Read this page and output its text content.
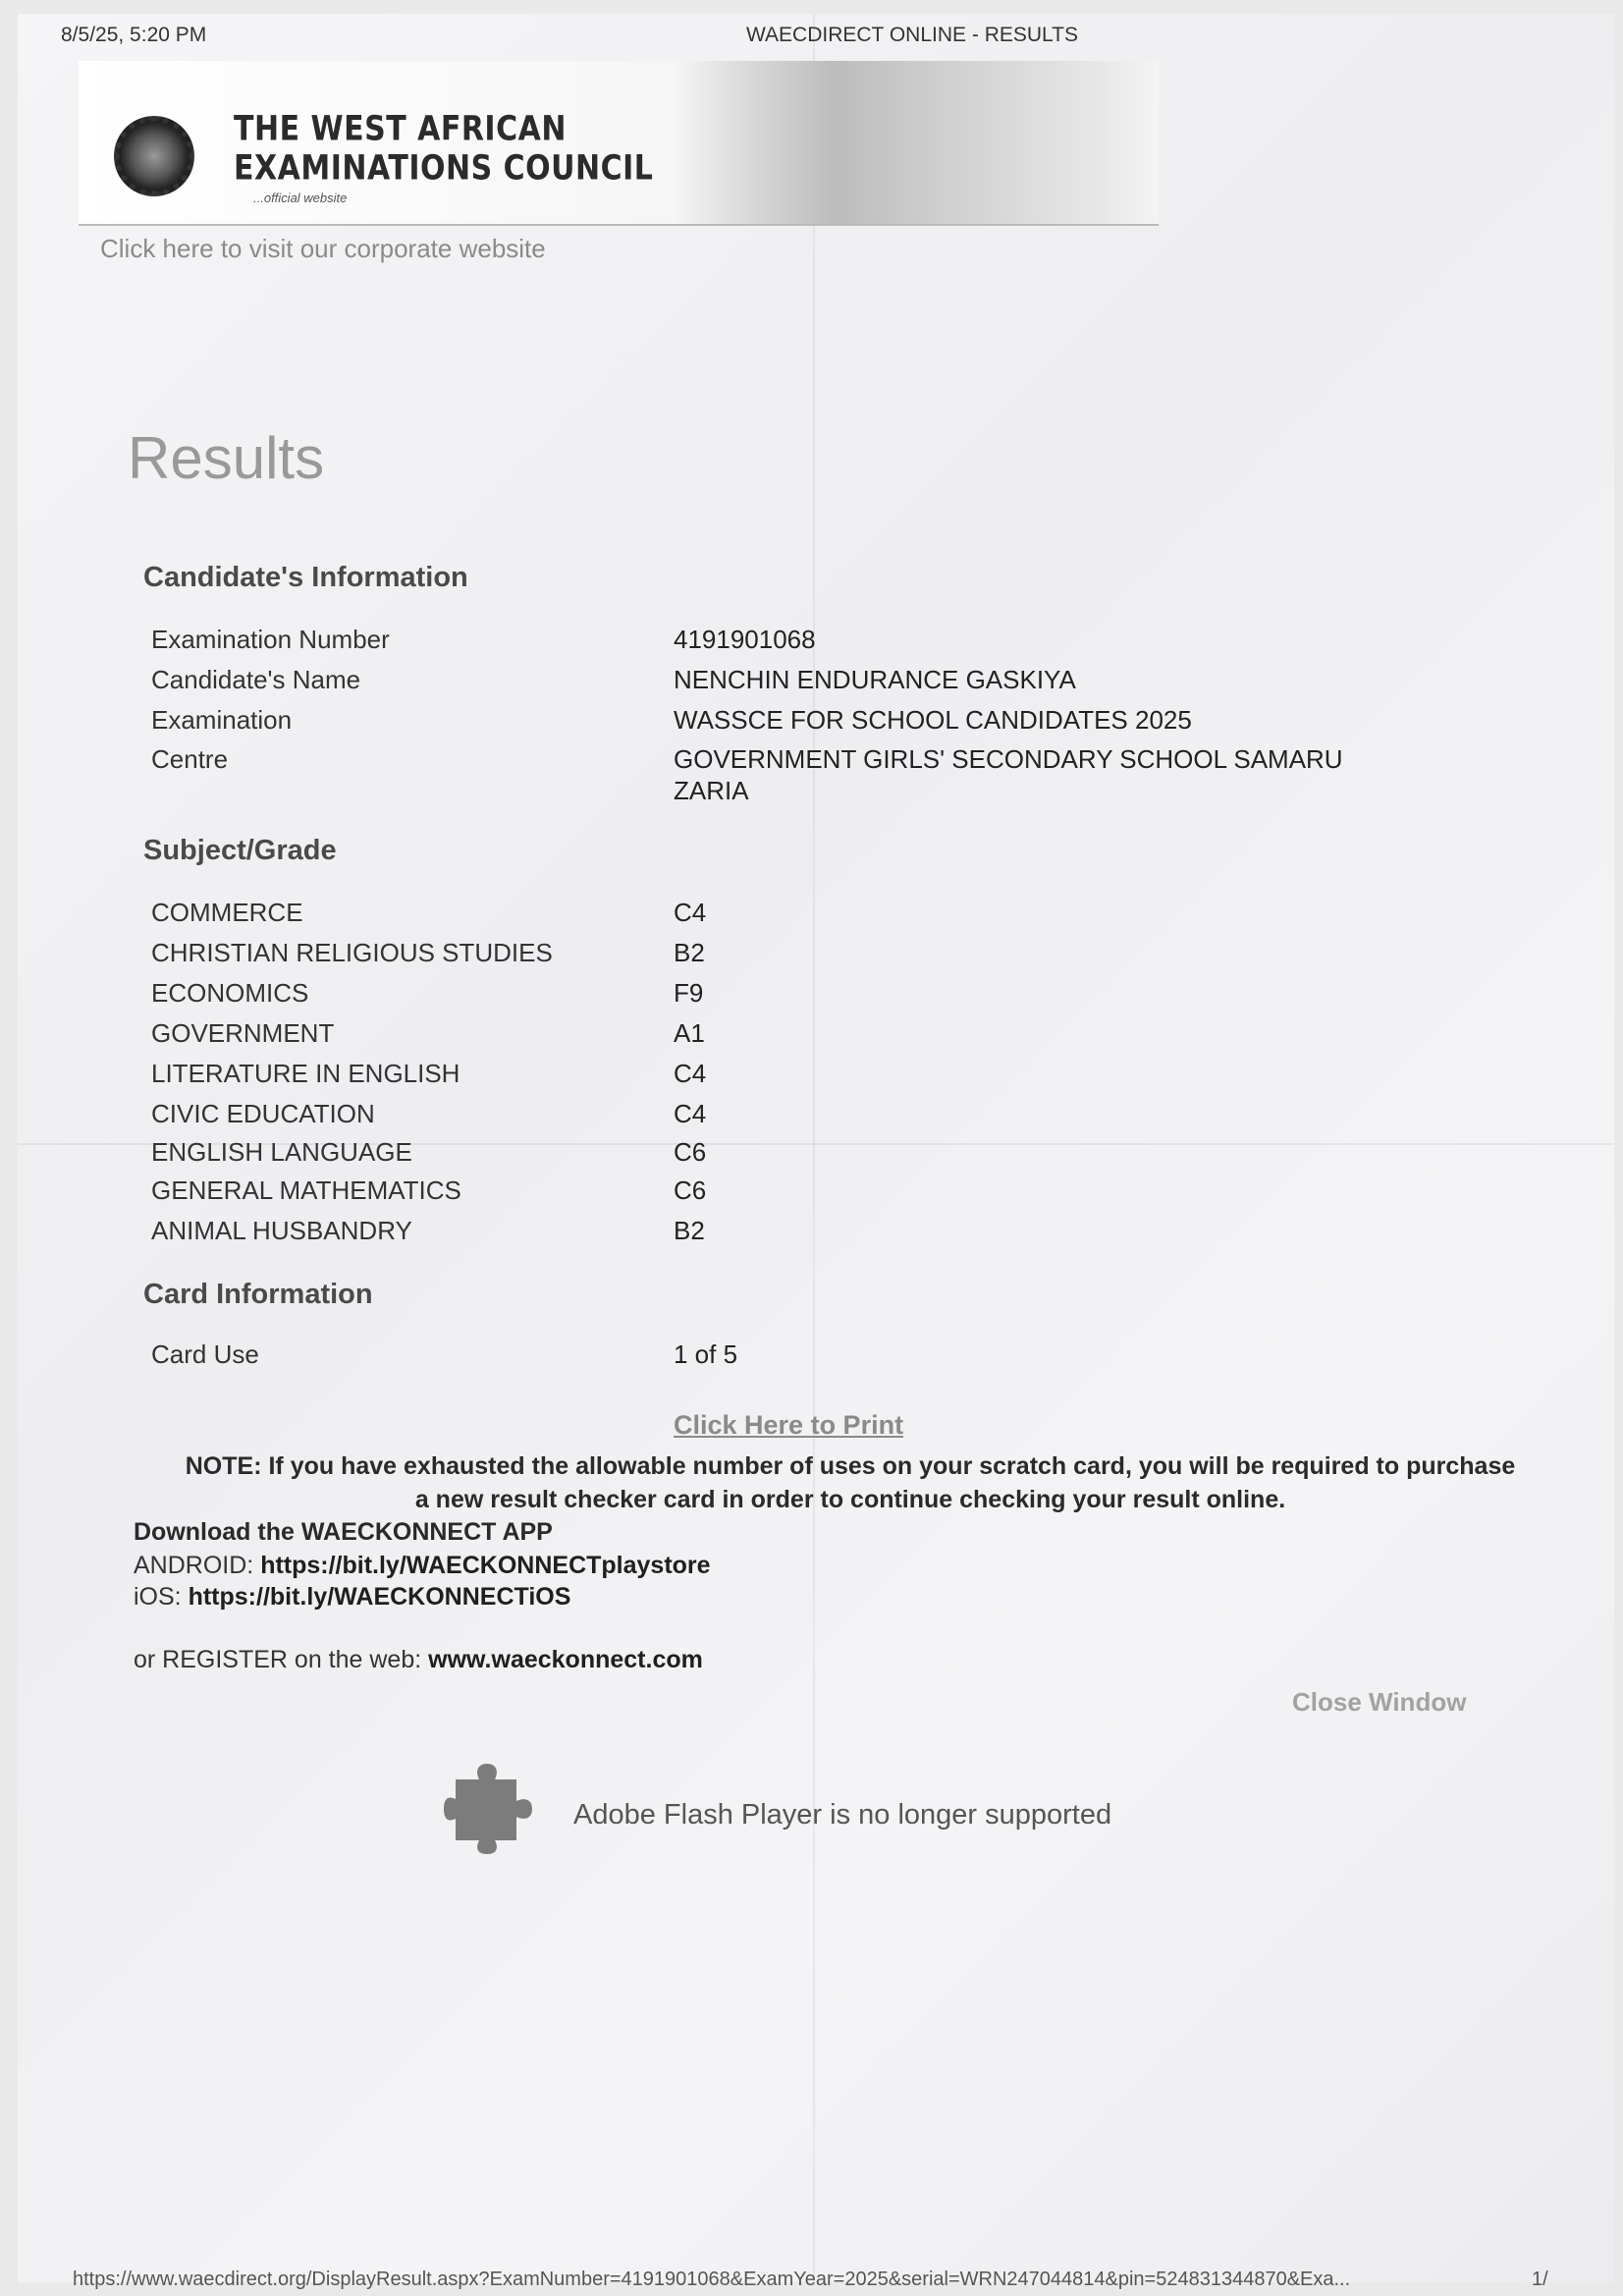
8/5/25, 5:20 PM	WAECDIRECT ONLINE - RESULTS
THE WEST AFRICAN
EXAMINATIONS COUNCIL
...official website
Click here to visit our corporate website
Results
Candidate's Information
Examination Number	4191901068
Candidate's Name	NENCHIN ENDURANCE GASKIYA
Examination	WASSCE FOR SCHOOL CANDIDATES 2025
Centre	GOVERNMENT GIRLS' SECONDARY SCHOOL SAMARU
ZARIA
Subject/Grade
COMMERCE	C4
CHRISTIAN RELIGIOUS STUDIES	B2
ECONOMICS	F9
GOVERNMENT	A1
LITERATURE IN ENGLISH	C4
CIVIC EDUCATION	C4
ENGLISH LANGUAGE	C6
GENERAL MATHEMATICS	C6
ANIMAL HUSBANDRY	B2
Card Information
Card Use	1 of 5
Click Here to Print
NOTE: If you have exhausted the allowable number of uses on your scratch card, you will be required to purchase a new result checker card in order to continue checking your result online.
Download the WAECKONNECT APP
ANDROID: https://bit.ly/WAECKONNECTplaystore
iOS: https://bit.ly/WAECKONNECTiOS
or REGISTER on the web: www.waeckonnect.com
Close Window
Adobe Flash Player is no longer supported
https://www.waecdirect.org/DisplayResult.aspx?ExamNumber=4191901068&ExamYear=2025&serial=WRN247044814&pin=524831344870&Exa...	1/
